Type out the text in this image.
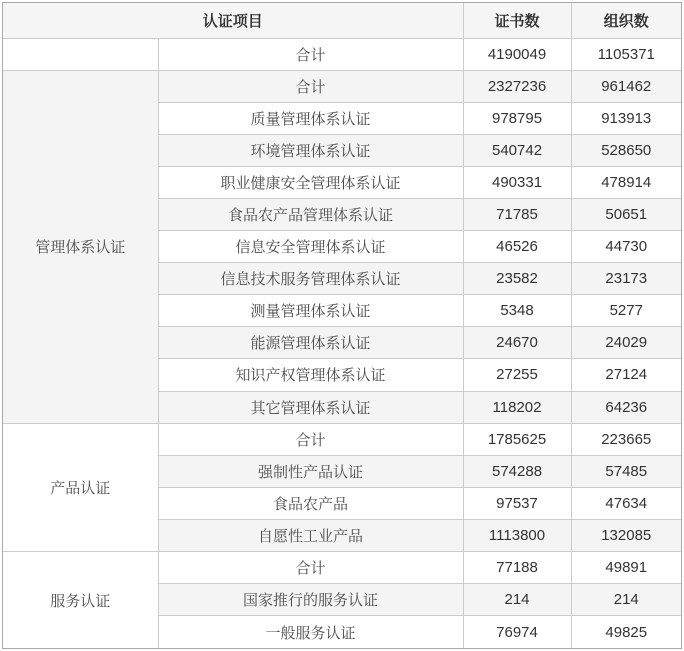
认证项目		证书数	组织数
	合计	4190049	1105371
管理体系认证	合计	2327236	961462
	质量管理体系认证	978795	913913
	环境管理体系认证	540742	528650
	职业健康安全管理体系认证	490331	478914
	食品农产品管理体系认证	71785	50651
	信息安全管理体系认证	46526	44730
	信息技术服务管理体系认证	23582	23173
	测量管理体系认证	5348	5277
	能源管理体系认证	24670	24029
	知识产权管理体系认证	27255	27124
	其它管理体系认证	118202	64236
产品认证	合计	1785625	223665
	强制性产品认证	574288	57485
	食品农产品	97537	47634
	自愿性工业产品	1113800	132085
服务认证	合计	77188	49891
	国家推行的服务认证	214	214
	一般服务认证	76974	49825
